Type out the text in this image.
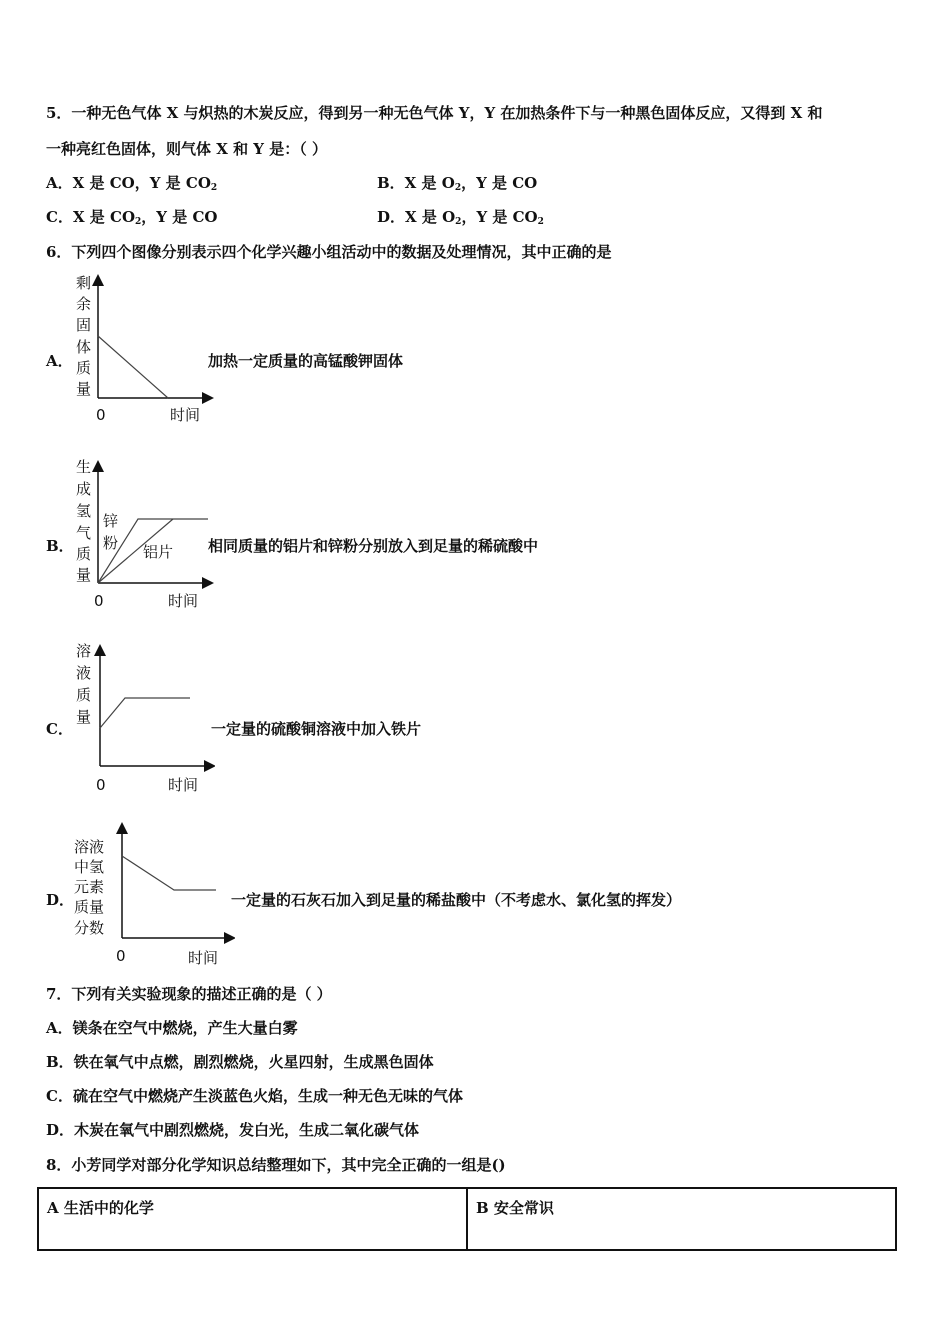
5．一种无色气体 X 与炽热的木炭反应，得到另一种无色气体 Y，Y 在加热条件下与一种黑色固体反应，又得到 X 和
一种亮红色固体，则气体 X 和 Y 是：（ ）
A．X 是 CO，Y 是 $CO_2$	B．X 是 $O_2$，Y 是 CO
C．X 是 $CO_2$，Y 是 CO	D．X 是 $O_2$，Y 是 $CO_2$
6．下列四个图像分别表示四个化学兴趣小组活动中的数据及处理情况，其中正确的是
A．
剩
余
固
体
质
量
0	时间
加热一定质量的高锰酸钾固体
B．
生
成
氢
气
质
量
锌
粉 铝片
0	时间
相同质量的铝片和锌粉分别放入到足量的稀硫酸中
C．
溶
液
质
量
0	时间
一定量的硫酸铜溶液中加入铁片
D．
溶液
中氢
元素
质量
分数
0	时间
一定量的石灰石加入到足量的稀盐酸中（不考虑水、氯化氢的挥发）
7．下列有关实验现象的描述正确的是（ ）
A．镁条在空气中燃烧，产生大量白雾
B．铁在氧气中点燃，剧烈燃烧，火星四射，生成黑色固体
C．硫在空气中燃烧产生淡蓝色火焰，生成一种无色无味的气体
D．木炭在氧气中剧烈燃烧，发白光，生成二氧化碳气体
8．小芳同学对部分化学知识总结整理如下，其中完全正确的一组是()
A 生活中的化学	B 安全常识
